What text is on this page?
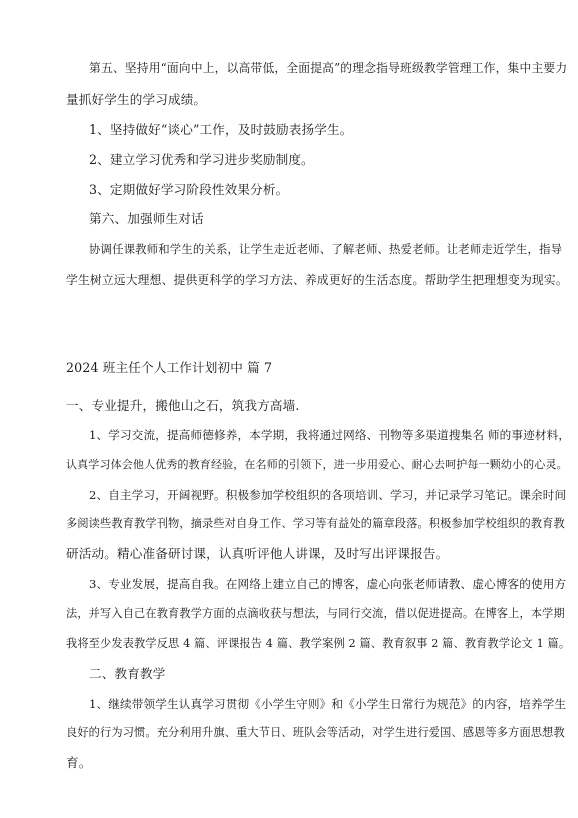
第五、坚持用“面向中上，以高带低，全面提高”的理念指导班级教学管理工作，集中主要力
量抓好学生的学习成绩。
1、坚持做好“谈心”工作，及时鼓励表扬学生。
2、建立学习优秀和学习进步奖励制度。
3、定期做好学习阶段性效果分析。
第六、加强师生对话
协调任课教师和学生的关系，让学生走近老师、了解老师、热爱老师。让老师走近学生，指导
学生树立远大理想、提供更科学的学习方法、养成更好的生活态度。帮助学生把理想变为现实。
2024 班主任个人工作计划初中 篇 7
一、专业提升，搬他山之石，筑我方高墙.
1、学习交流，提高师德修养，本学期，我将通过网络、刊物等多渠道搜集名 师的事迹材料，
认真学习体会他人优秀的教育经验，在名师的引领下，进一步用爱心、耐心去呵护每一颗幼小的心灵。
2、自主学习，开阔视野。积极参加学校组织的各项培训、学习，并记录学习笔记。课余时间
多阅读些教育教学刊物，摘录些对自身工作、学习等有益处的篇章段落。积极参加学校组织的教育教
研活动。精心准备研讨课，认真听评他人讲课，及时写出评课报告。
3、专业发展，提高自我。在网络上建立自己的博客，虚心向张老师请教、虚心博客的使用方
法，并写入自己在教育教学方面的点滴收获与想法，与同行交流，借以促进提高。在博客上，本学期
我将至少发表教学反思 4 篇、评课报告 4 篇、教学案例 2 篇、教育叙事 2 篇、教育教学论文 1 篇。
二、教育教学
1、继续带领学生认真学习贯彻《小学生守则》和《小学生日常行为规范》的内容，培养学生
良好的行为习惯。充分利用升旗、重大节日、班队会等活动，对学生进行爱国、感恩等多方面思想教
育。
